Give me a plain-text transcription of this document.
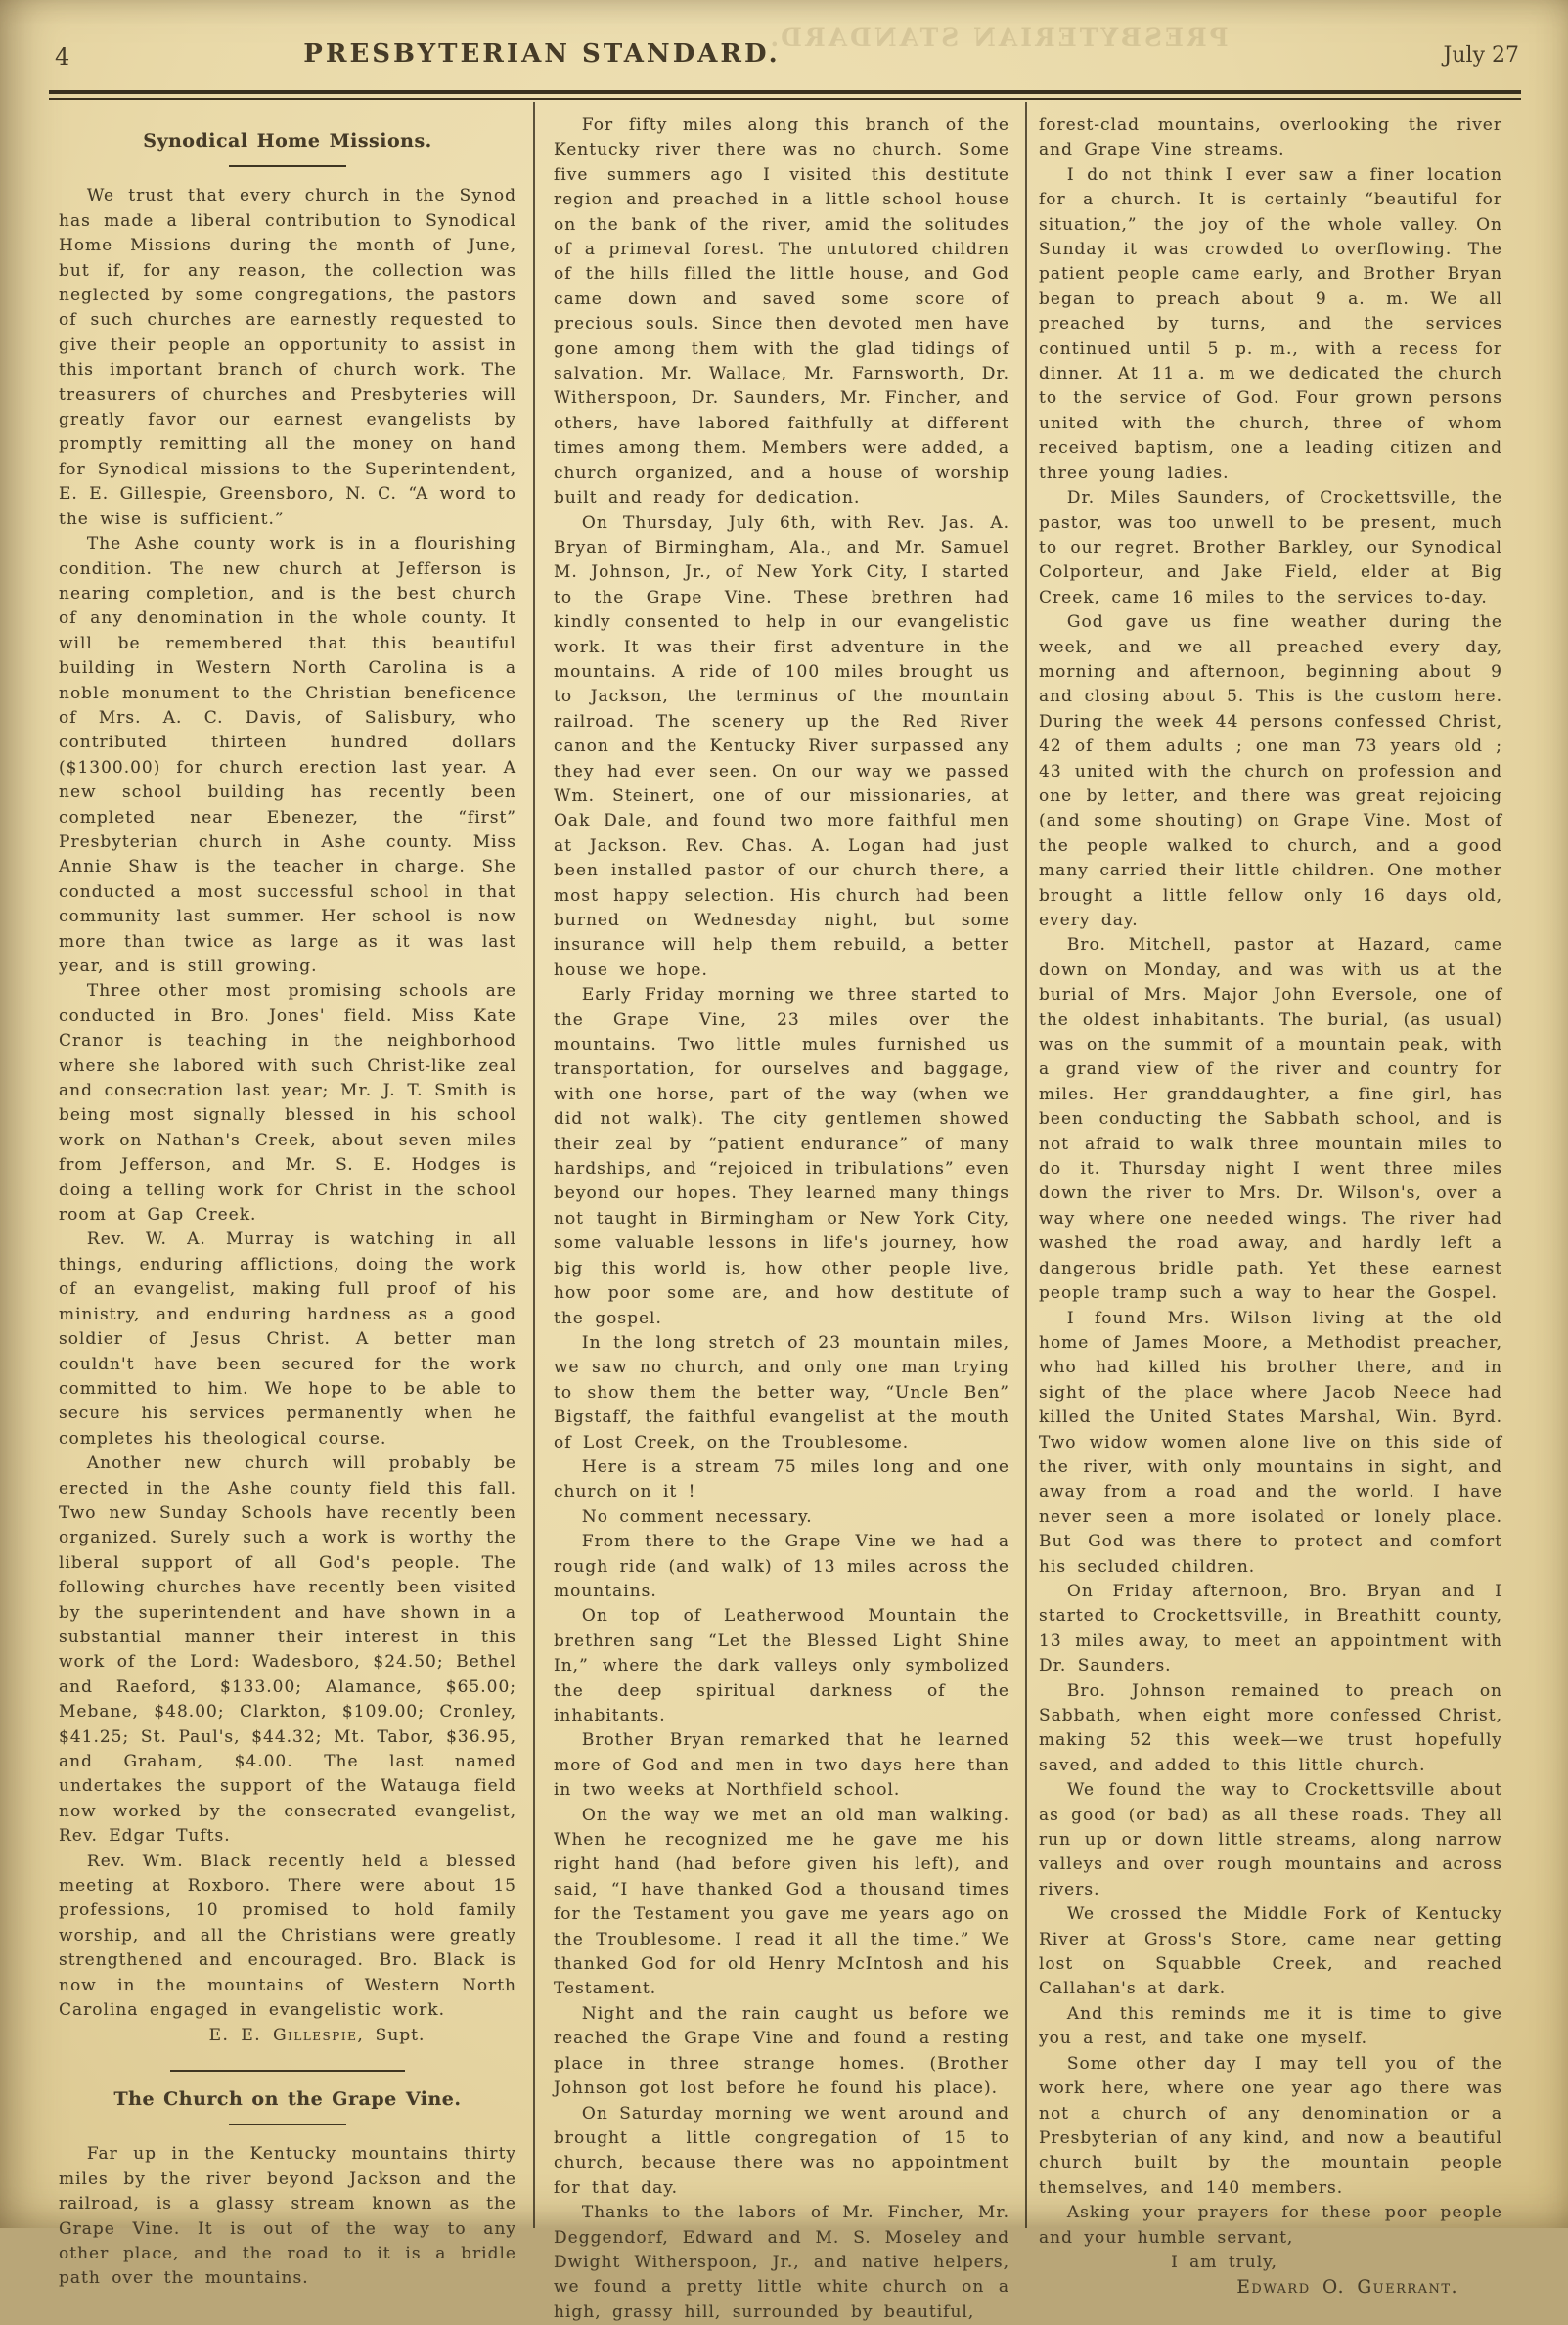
PRESBYTERIAN STANDARD.
4	PRESBYTERIAN STANDARD.	July 27
Synodical Home Missions.

We trust that every church in the Synod has made a liberal contribution to Synodical Home Missions during the month of June, but if, for any reason, the collection was neglected by some congregations, the pastors of such churches are earnestly requested to give their people an opportunity to assist in this important branch of church work. The treasurers of churches and Presbyteries will greatly favor our earnest evangelists by promptly remitting all the money on hand for Synodical missions to the Superintendent, E. E. Gillespie, Greensboro, N. C. “A word to the wise is sufficient.”

The Ashe county work is in a flourishing condition. The new church at Jefferson is nearing completion, and is the best church of any denomination in the whole county. It will be remembered that this beautiful building in Western North Carolina is a noble monument to the Christian beneficence of Mrs. A. C. Davis, of Salisbury, who contributed thirteen hundred dollars ($1300.00) for church erection last year. A new school building has recently been completed near Ebenezer, the “first” Presbyterian church in Ashe county. Miss Annie Shaw is the teacher in charge. She conducted a most successful school in that community last summer. Her school is now more than twice as large as it was last year, and is still growing.

Three other most promising schools are conducted in Bro. Jones' field. Miss Kate Cranor is teaching in the neighborhood where she labored with such Christ-like zeal and consecration last year; Mr. J. T. Smith is being most signally blessed in his school work on Nathan's Creek, about seven miles from Jefferson, and Mr. S. E. Hodges is doing a telling work for Christ in the school room at Gap Creek.

Rev. W. A. Murray is watching in all things, enduring afflictions, doing the work of an evangelist, making full proof of his ministry, and enduring hardness as a good soldier of Jesus Christ. A better man couldn't have been secured for the work committed to him. We hope to be able to secure his services permanently when he completes his theological course.

Another new church will probably be erected in the Ashe county field this fall. Two new Sunday Schools have recently been organized. Surely such a work is worthy the liberal support of all God's people. The following churches have recently been visited by the superintendent and have shown in a substantial manner their interest in this work of the Lord: Wadesboro, $24.50; Bethel and Raeford, $133.00; Alamance, $65.00; Mebane, $48.00; Clarkton, $109.00; Cronley, $41.25; St. Paul's, $44.32; Mt. Tabor, $36.95, and Graham, $4.00. The last named undertakes the support of the Watauga field now worked by the consecrated evangelist, Rev. Edgar Tufts.

Rev. Wm. Black recently held a blessed meeting at Roxboro. There were about 15 professions, 10 promised to hold family worship, and all the Christians were greatly strengthened and encouraged. Bro. Black is now in the mountains of Western North Carolina engaged in evangelistic work.

E. E. Gillespie, Supt.
The Church on the Grape Vine.

Far up in the Kentucky mountains thirty miles by the river beyond Jackson and the railroad, is a glassy stream known as the Grape Vine. It is out of the way to any other place, and the road to it is a bridle path over the mountains.

For fifty miles along this branch of the Kentucky river there was no church. Some five summers ago I visited this destitute region and preached in a little school house on the bank of the river, amid the solitudes of a primeval forest. The untutored children of the hills filled the little house, and God came down and saved some score of precious souls. Since then devoted men have gone among them with the glad tidings of salvation. Mr. Wallace, Mr. Farnsworth, Dr. Witherspoon, Dr. Saunders, Mr. Fincher, and others, have labored faithfully at different times among them. Members were added, a church organized, and a house of worship built and ready for dedication.

On Thursday, July 6th, with Rev. Jas. A. Bryan of Birmingham, Ala., and Mr. Samuel M. Johnson, Jr., of New York City, I started to the Grape Vine. These brethren had kindly consented to help in our evangelistic work. It was their first adventure in the mountains. A ride of 100 miles brought us to Jackson, the terminus of the mountain railroad. The scenery up the Red River canon and the Kentucky River surpassed any they had ever seen. On our way we passed Wm. Steinert, one of our missionaries, at Oak Dale, and found two more faithful men at Jackson. Rev. Chas. A. Logan had just been installed pastor of our church there, a most happy selection. His church had been burned on Wednesday night, but some insurance will help them rebuild, a better house we hope.

Early Friday morning we three started to the Grape Vine, 23 miles over the mountains. Two little mules furnished us transportation, for ourselves and baggage, with one horse, part of the way (when we did not walk). The city gentlemen showed their zeal by “patient endurance” of many hardships, and “rejoiced in tribulations” even beyond our hopes. They learned many things not taught in Birmingham or New York City, some valuable lessons in life's journey, how big this world is, how other people live, how poor some are, and how destitute of the gospel.

In the long stretch of 23 mountain miles, we saw no church, and only one man trying to show them the better way, “Uncle Ben” Bigstaff, the faithful evangelist at the mouth of Lost Creek, on the Troublesome.

Here is a stream 75 miles long and one church on it !

No comment necessary.

From there to the Grape Vine we had a rough ride (and walk) of 13 miles across the mountains.

On top of Leatherwood Mountain the brethren sang “Let the Blessed Light Shine In,” where the dark valleys only symbolized the deep spiritual darkness of the inhabitants.

Brother Bryan remarked that he learned more of God and men in two days here than in two weeks at Northfield school.

On the way we met an old man walking. When he recognized me he gave me his right hand (had before given his left), and said, “I have thanked God a thousand times for the Testament you gave me years ago on the Troublesome. I read it all the time.” We thanked God for old Henry McIntosh and his Testament.

Night and the rain caught us before we reached the Grape Vine and found a resting place in three strange homes. (Brother Johnson got lost before he found his place).

On Saturday morning we went around and brought a little congregation of 15 to church, because there was no appointment for that day.

Thanks to the labors of Mr. Fincher, Mr. Deggendorf, Edward and M. S. Moseley and Dwight Witherspoon, Jr., and native helpers, we found a pretty little white church on a high, grassy hill, surrounded by beautiful,

forest-clad mountains, overlooking the river and Grape Vine streams.

I do not think I ever saw a finer location for a church. It is certainly “beautiful for situation,” the joy of the whole valley. On Sunday it was crowded to overflowing. The patient people came early, and Brother Bryan began to preach about 9 a. m. We all preached by turns, and the services continued until 5 p. m., with a recess for dinner. At 11 a. m we dedicated the church to the service of God. Four grown persons united with the church, three of whom received baptism, one a leading citizen and three young ladies.

Dr. Miles Saunders, of Crockettsville, the pastor, was too unwell to be present, much to our regret. Brother Barkley, our Synodical Colporteur, and Jake Field, elder at Big Creek, came 16 miles to the services to-day.

God gave us fine weather during the week, and we all preached every day, morning and afternoon, beginning about 9 and closing about 5. This is the custom here. During the week 44 persons confessed Christ, 42 of them adults ; one man 73 years old ; 43 united with the church on profession and one by letter, and there was great rejoicing (and some shouting) on Grape Vine. Most of the people walked to church, and a good many carried their little children. One mother brought a little fellow only 16 days old, every day.

Bro. Mitchell, pastor at Hazard, came down on Monday, and was with us at the burial of Mrs. Major John Eversole, one of the oldest inhabitants. The burial, (as usual) was on the summit of a mountain peak, with a grand view of the river and country for miles. Her granddaughter, a fine girl, has been conducting the Sabbath school, and is not afraid to walk three mountain miles to do it. Thursday night I went three miles down the river to Mrs. Dr. Wilson's, over a way where one needed wings. The river had washed the road away, and hardly left a dangerous bridle path. Yet these earnest people tramp such a way to hear the Gospel.

I found Mrs. Wilson living at the old home of James Moore, a Methodist preacher, who had killed his brother there, and in sight of the place where Jacob Neece had killed the United States Marshal, Win. Byrd. Two widow women alone live on this side of the river, with only mountains in sight, and away from a road and the world. I have never seen a more isolated or lonely place. But God was there to protect and comfort his secluded children.

On Friday afternoon, Bro. Bryan and I started to Crockettsville, in Breathitt county, 13 miles away, to meet an appointment with Dr. Saunders.

Bro. Johnson remained to preach on Sabbath, when eight more confessed Christ, making 52 this week—we trust hopefully saved, and added to this little church.

We found the way to Crockettsville about as good (or bad) as all these roads. They all run up or down little streams, along narrow valleys and over rough mountains and across rivers.

We crossed the Middle Fork of Kentucky River at Gross's Store, came near getting lost on Squabble Creek, and reached Callahan's at dark.

And this reminds me it is time to give you a rest, and take one myself.

Some other day I may tell you of the work here, where one year ago there was not a church of any denomination or a Presbyterian of any kind, and now a beautiful church built by the mountain people themselves, and 140 members.

Asking your prayers for these poor people and your humble servant,

I am truly,
Edward O. Guerrant.
